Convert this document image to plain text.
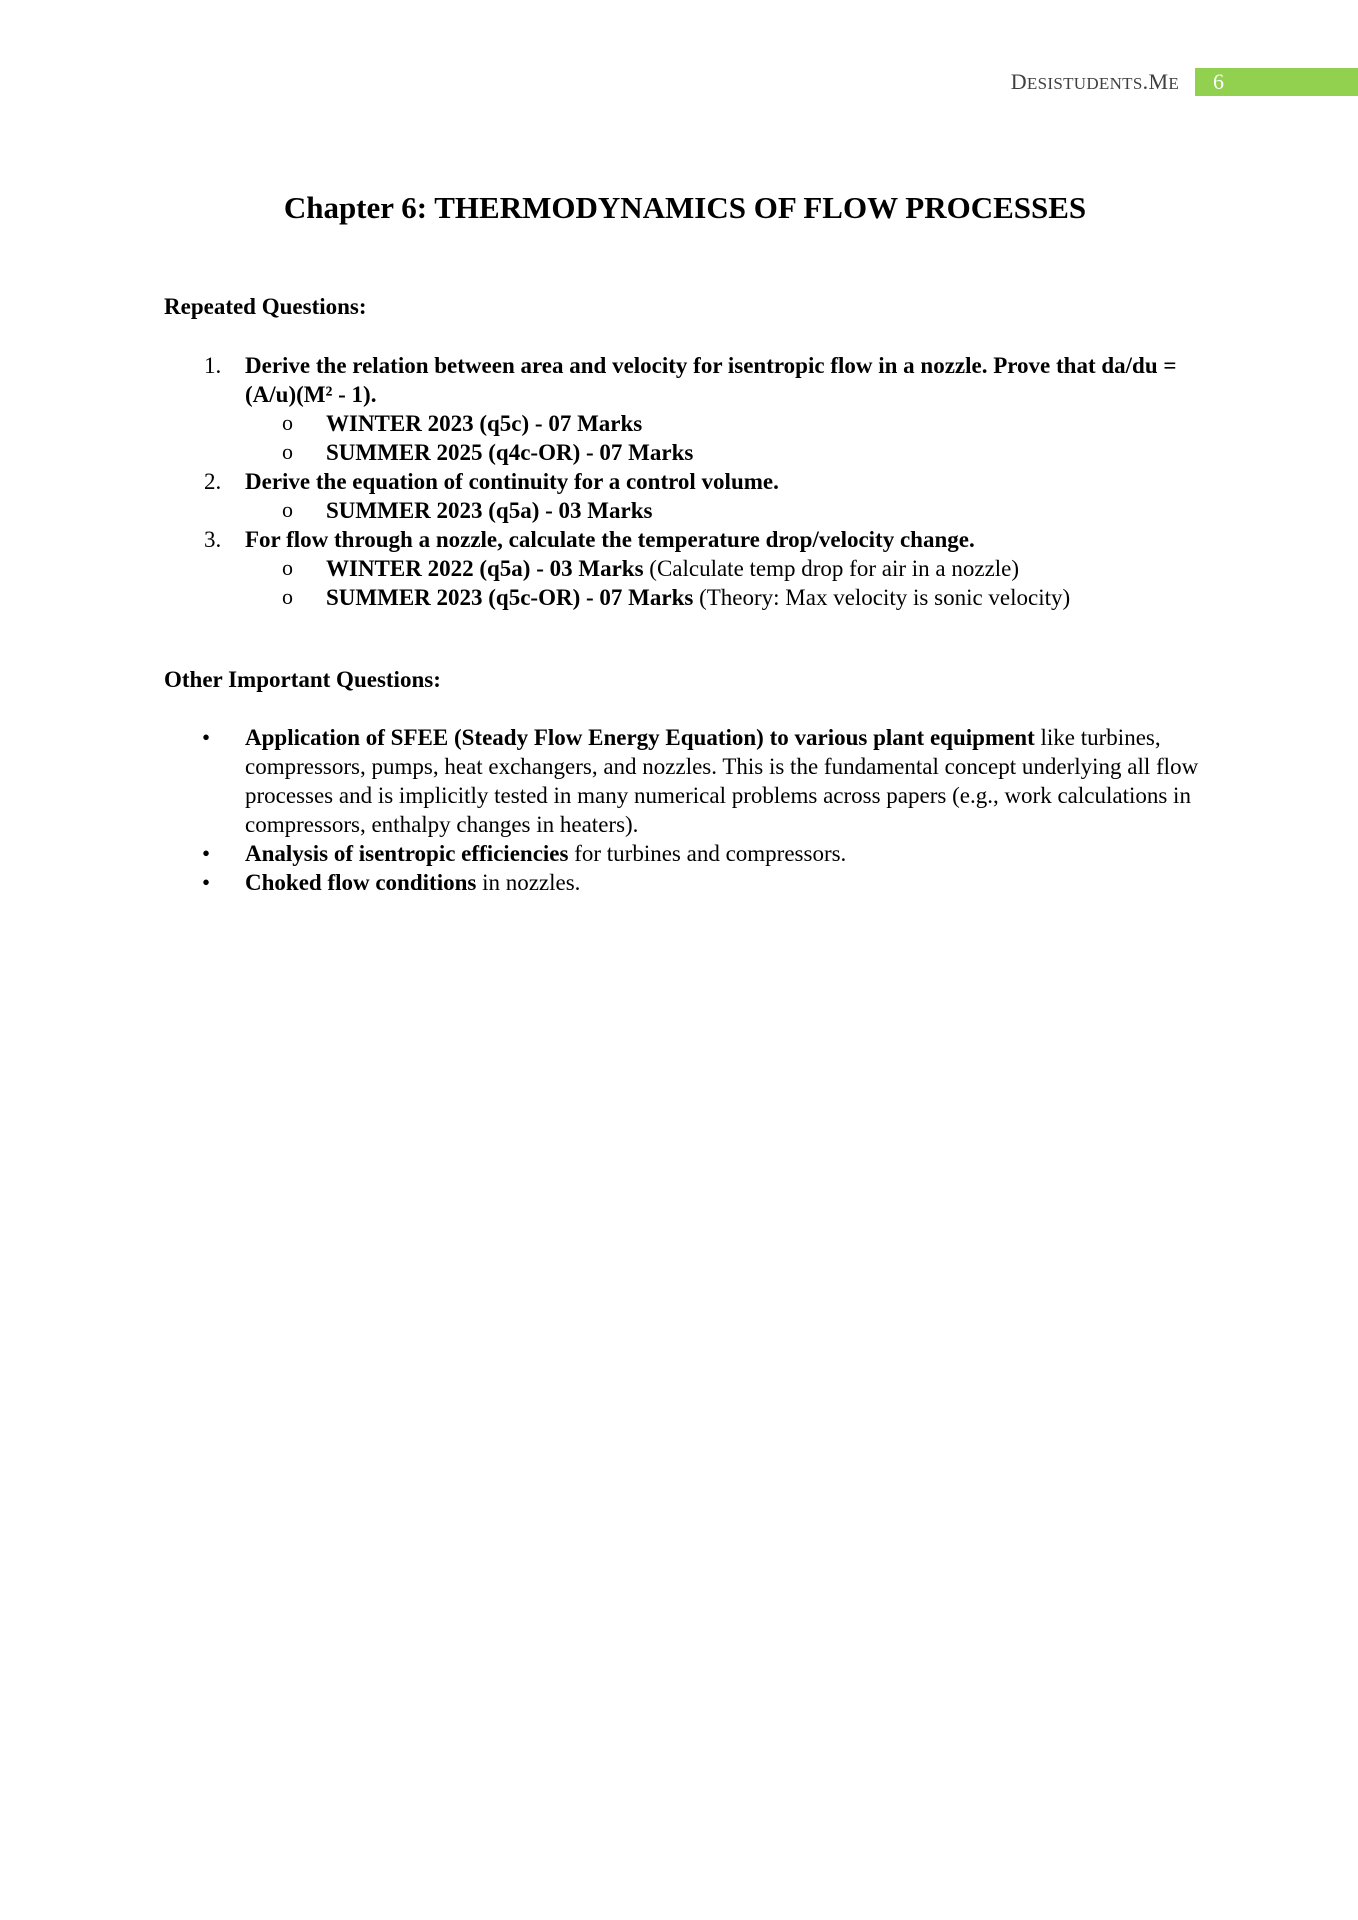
DESISTUDENTS.ME	6
Chapter 6: THERMODYNAMICS OF FLOW PROCESSES
Repeated Questions:
1. Derive the relation between area and velocity for isentropic flow in a nozzle. Prove that da/du = (A/u)(M² - 1).
o WINTER 2023 (q5c) - 07 Marks
o SUMMER 2025 (q4c-OR) - 07 Marks
2. Derive the equation of continuity for a control volume.
o SUMMER 2023 (q5a) - 03 Marks
3. For flow through a nozzle, calculate the temperature drop/velocity change.
o WINTER 2022 (q5a) - 03 Marks (Calculate temp drop for air in a nozzle)
o SUMMER 2023 (q5c-OR) - 07 Marks (Theory: Max velocity is sonic velocity)
Other Important Questions:
• Application of SFEE (Steady Flow Energy Equation) to various plant equipment like turbines, compressors, pumps, heat exchangers, and nozzles. This is the fundamental concept underlying all flow processes and is implicitly tested in many numerical problems across papers (e.g., work calculations in compressors, enthalpy changes in heaters).
• Analysis of isentropic efficiencies for turbines and compressors.
• Choked flow conditions in nozzles.
